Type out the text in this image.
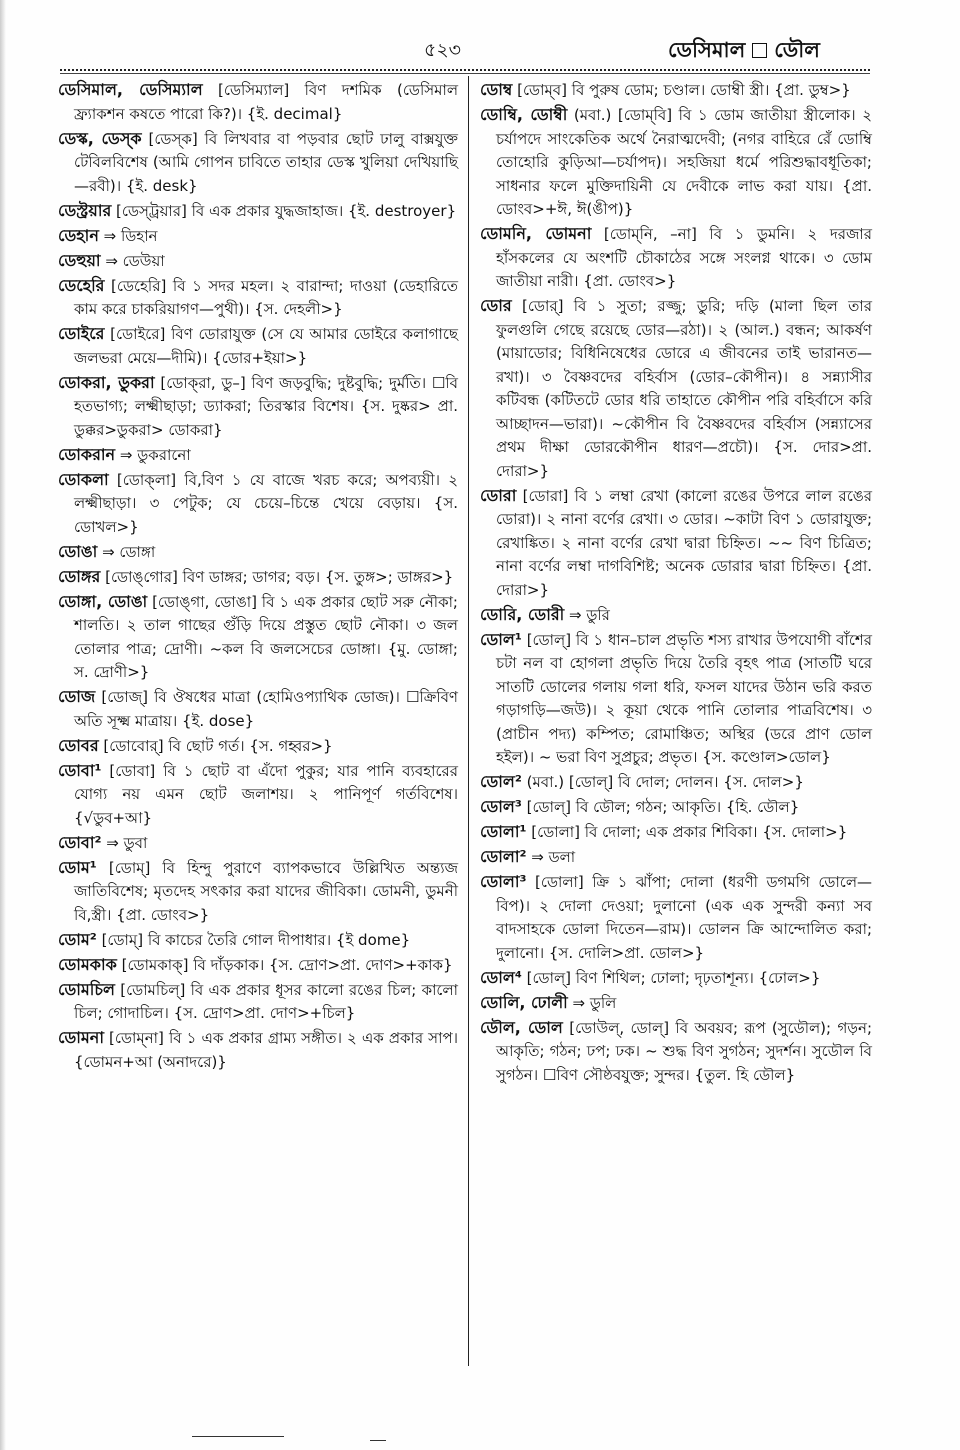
৫২৩	ডেসিমাল ডৌল
ডেসিমাল, ডেসিম্যাল [ডেসিম্যাল] বিণ দশমিক (ডেসিমাল ফ্র্যাকশন কষতে পারো কি?)। {ই. decimal}
ডেস্ক, ডেস্‌ক [ডেস্‌ক] বি লিখবার বা পড়বার ছোট ঢালু বাক্সযুক্ত টেবিলবিশেষ (আমি গোপন চাবিতে তাহার ডেস্ক খুলিয়া দেখিয়াছি—রবী)। {ই. desk}
ডেস্ট্রয়ার [ডেস্‌ট্রয়ার] বি এক প্রকার যুদ্ধজাহাজ। {ই. destroyer}
ডেহান ⇒ ডিহান
ডেহুয়া ⇒ ডেউয়া
ডেহেরি [ডেহেরি] বি ১ সদর মহল। ২ বারান্দা; দাওয়া (ডেহারিতে কাম করে চাকরিয়াগণ—পুথী)। {স. দেহলী>}
ডোইরে [ডোইরে] বিণ ডোরাযুক্ত (সে যে আমার ডোইরে কলাগাছে জলভরা মেয়ে—দীমি)। {ডোর+ইয়া>}
ডোকরা, ডুকরা [ডোক্‌রা, ডু–] বিণ জড়বুদ্ধি; দুষ্টবুদ্ধি; দুর্মতি। ☐বি হতভাগ্য; লক্ষ্মীছাড়া; ড্যাকরা; তিরস্কার বিশেষ। {স. দুষ্কর> প্রা. ডুক্কর>ডুকরা> ডোকরা}
ডোকরান ⇒ ডুকরানো
ডোকলা [ডোক্‌লা] বি,বিণ ১ যে বাজে খরচ করে; অপব্যয়ী। ২ লক্ষ্মীছাড়া। ৩ পেটুক; যে চেয়ে–চিন্তে খেয়ে বেড়ায়। {স. ডোখল>}
ডোঙা ⇒ ডোঙ্গা
ডোঙ্গর [ডোঙ্‌গোর] বিণ ডাঙ্গর; ডাগর; বড়। {স. তুঙ্গ>; ডাঙ্গর>}
ডোঙ্গা, ডোঙা [ডোঙ্‌গা, ডোঙা] বি ১ এক প্রকার ছোট সরু নৌকা; শালতি। ২ তাল গাছের গুঁড়ি দিয়ে প্রস্তুত ছোট নৌকা। ৩ জল তোলার পাত্র; দ্রোণী। ~কল বি জলসেচের ডোঙ্গা। {মু. ডোঙ্গা; স. দ্রোণী>}
ডোজ [ডোজ্] বি ঔষধের মাত্রা (হোমিওপ্যাথিক ডোজ)। ☐ক্রিবিণ অতি সূক্ষ্ম মাত্রায়। {ই. dose}
ডোবর [ডোবোর্] বি ছোট গর্ত। {স. গহ্বর>}
ডোবা¹ [ডোবা] বি ১ ছোট বা এঁদো পুকুর; যার পানি ব্যবহারের যোগ্য নয় এমন ছোট জলাশয়। ২ পানিপূর্ণ গর্তবিশেষ। {√ডুব+আ}
ডোবা² ⇒ ডুবা
ডোম¹ [ডোম্] বি হিন্দু পুরাণে ব্যাপকভাবে উল্লিখিত অন্ত্যজ জাতিবিশেষ; মৃতদেহ সৎকার করা যাদের জীবিকা। ডোমনী, ডুমনী বি,স্ত্রী। {প্রা. ডোংব>}
ডোম² [ডোম্] বি কাচের তৈরি গোল দীপাধার। {ই dome}
ডোমকাক [ডোমকাক্] বি দাঁড়কাক। {স. দ্রোণ>প্রা. দোণ>+কাক}
ডোমচিল [ডোমচিল্] বি এক প্রকার ধূসর কালো রঙের চিল; কালো চিল; গোদাচিল। {স. দ্রোণ>প্রা. দোণ>+চিল}
ডোমনা [ডোম্‌না] বি ১ এক প্রকার গ্রাম্য সঙ্গীত। ২ এক প্রকার সাপ। {ডোমন+আ (অনাদরে)}
ডোম্ব [ডোম্‌ব] বি পুরুষ ডোম; চণ্ডাল। ডোম্বী স্ত্রী। {প্রা. ডুম্ব>}
ডোম্বি, ডোম্বী (মবা.) [ডোম্‌বি] বি ১ ডোম জাতীয়া স্ত্রীলোক। ২ চর্যাপদে সাংকেতিক অর্থে নৈরাত্মদেবী; (নগর বাহিরে রেঁ ডোম্বি তোহোরি কুড়িআ—চর্যাপদ)। সহজিয়া ধর্মে পরিশুদ্ধাবধূতিকা; সাধনার ফলে মুক্তিদায়িনী যে দেবীকে লাভ করা যায়। {প্রা. ডোংব>+ঈ, ঈ(ঙীপ)}
ডোমনি, ডোমনা [ডোম্‌নি, –না] বি ১ ডুমনি। ২ দরজার হাঁসকলের যে অংশটি চৌকাঠের সঙ্গে সংলগ্ন থাকে। ৩ ডোম জাতীয়া নারী। {প্রা. ডোংব>}
ডোর [ডোর্] বি ১ সুতা; রজ্জু; ডুরি; দড়ি (মালা ছিল তার ফুলগুলি গেছে রয়েছে ডোর—রঠা)। ২ (আল.) বন্ধন; আকর্ষণ (মায়াডোর; বিধিনিষেধের ডোরে এ জীবনের তাই ভারানত—রখা)। ৩ বৈষ্ণবদের বহির্বাস (ডোর–কৌপীন)। ৪ সন্ন্যাসীর কটিবন্ধ (কটিতটে ডোর ধরি তাহাতে কৌপীন পরি বহির্বাসে করি আচ্ছাদন—ভারা)। ~কৌপীন বি বৈষ্ণবদের বহির্বাস (সন্ন্যাসের প্রথম দীক্ষা ডোরকৌপীন ধারণ—প্রচৌ)। {স. দোর>প্রা. দোরা>}
ডোরা [ডোরা] বি ১ লম্বা রেখা (কালো রঙের উপরে লাল রঙের ডোরা)। ২ নানা বর্ণের রেখা। ৩ ডোর। ~কাটা বিণ ১ ডোরাযুক্ত; রেখাঙ্কিত। ২ নানা বর্ণের রেখা দ্বারা চিহ্নিত। ~~ বিণ চিত্রিত; নানা বর্ণের লম্বা দাগবিশিষ্ট; অনেক ডোরার দ্বারা চিহ্নিত। {প্রা. দোরা>}
ডোরি, ডোরী ⇒ ডুরি
ডোল¹ [ডোল্] বি ১ ধান–চাল প্রভৃতি শস্য রাখার উপযোগী বাঁশের চটা নল বা হোগলা প্রভৃতি দিয়ে তৈরি বৃহৎ পাত্র (সাতটি ঘরে সাতটি ডোলের গলায় গলা ধরি, ফসল যাদের উঠান ভরি করত গড়াগড়ি—জউ)। ২ কূয়া থেকে পানি তোলার পাত্রবিশেষ। ৩ (প্রাচীন পদ্য) কম্পিত; রোমাঞ্চিত; অস্থির (ডরে প্রাণ ডোল হইল)। ~ ভরা বিণ সুপ্রচুর; প্রভৃত। {স. কণ্ডোল>ডোল}
ডোল² (মবা.) [ডোল্] বি দোল; দোলন। {স. দোল>}
ডোল³ [ডোল্] বি ডৌল; গঠন; আকৃতি। {হি. ডৌল}
ডোলা¹ [ডোলা] বি দোলা; এক প্রকার শিবিকা। {স. দোলা>}
ডোলা² ⇒ ডলা
ডোলা³ [ডোলা] ক্রি ১ ঝাঁপা; দোলা (ধরণী ডগমগি ডোলে—বিপ)। ২ দোলা দেওয়া; দুলানো (এক এক সুন্দরী কন্যা সব বাদসাহকে ডোলা দিতেন—রাম)। ডোলন ক্রি আন্দোলিত করা; দুলানো। {স. দোলি>প্রা. ডোল>}
ডোল⁴ [ডোল্] বিণ শিথিল; ঢোলা; দৃঢ়তাশূন্য। {ঢোল>}
ডোলি, ঢোলী ⇒ ডুলি
ডৌল, ডোল [ডোউল্, ডোল্] বি অবয়ব; রূপ (সুডৌল); গড়ন; আকৃতি; গঠন; ঢপ; ঢক। ~ শুদ্ধ বিণ সুগঠন; সুদর্শন। সুডৌল বি সুগঠন। ☐বিণ সৌষ্ঠবযুক্ত; সুন্দর। {তুল. হি ডৌল}
